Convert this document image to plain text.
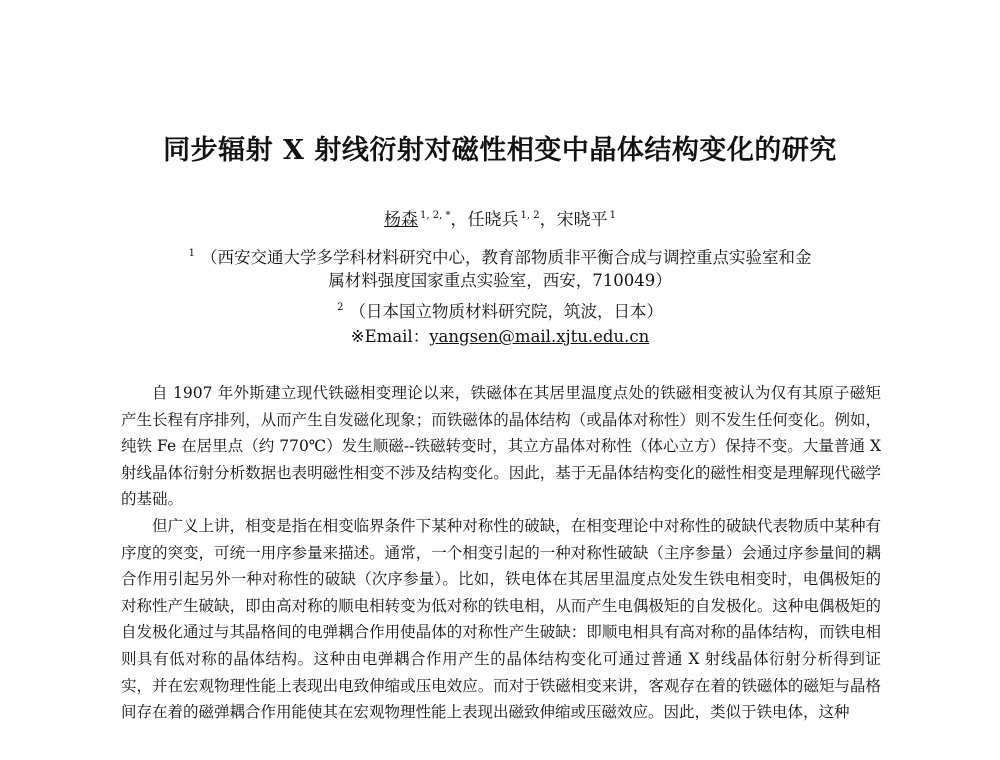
同步辐射 X 射线衍射对磁性相变中晶体结构变化的研究
杨森 $^{1, 2, *}$，任晓兵 $^{1, 2}$，宋晓平 $^1$
$^1$ （西安交通大学多学科材料研究中心，教育部物质非平衡合成与调控重点实验室和金
属材料强度国家重点实验室，西安，710049）
$^2$ （日本国立物质材料研究院，筑波，日本）
※Email：yangsen@mail.xjtu.edu.cn

自 1907 年外斯建立现代铁磁相变理论以来，铁磁体在其居里温度点处的铁磁相变被认为仅有其原子磁矩产生长程有序排列，从而产生自发磁化现象；而铁磁体的晶体结构（或晶体对称性）则不发生任何变化。例如，纯铁 Fe 在居里点（约 770℃）发生顺磁--铁磁转变时，其立方晶体对称性（体心立方）保持不变。大量普通 X 射线晶体衍射分析数据也表明磁性相变不涉及结构变化。因此，基于无晶体结构变化的磁性相变是理解现代磁学的基础。

但广义上讲，相变是指在相变临界条件下某种对称性的破缺，在相变理论中对称性的破缺代表物质中某种有序度的突变，可统一用序参量来描述。通常，一个相变引起的一种对称性破缺（主序参量）会通过序参量间的耦合作用引起另外一种对称性的破缺（次序参量）。比如，铁电体在其居里温度点处发生铁电相变时，电偶极矩的对称性产生破缺，即由高对称的顺电相转变为低对称的铁电相，从而产生电偶极矩的自发极化。这种电偶极矩的自发极化通过与其晶格间的电弹耦合作用使晶体的对称性产生破缺：即顺电相具有高对称的晶体结构，而铁电相则具有低对称的晶体结构。这种由电弹耦合作用产生的晶体结构变化可通过普通 X 射线晶体衍射分析得到证实，并在宏观物理性能上表现出电致伸缩或压电效应。而对于铁磁相变来讲，客观存在着的铁磁体的磁矩与晶格间存在着的磁弹耦合作用能使其在宏观物理性能上表现出磁致伸缩或压磁效应。因此，类似于铁电体，这种
